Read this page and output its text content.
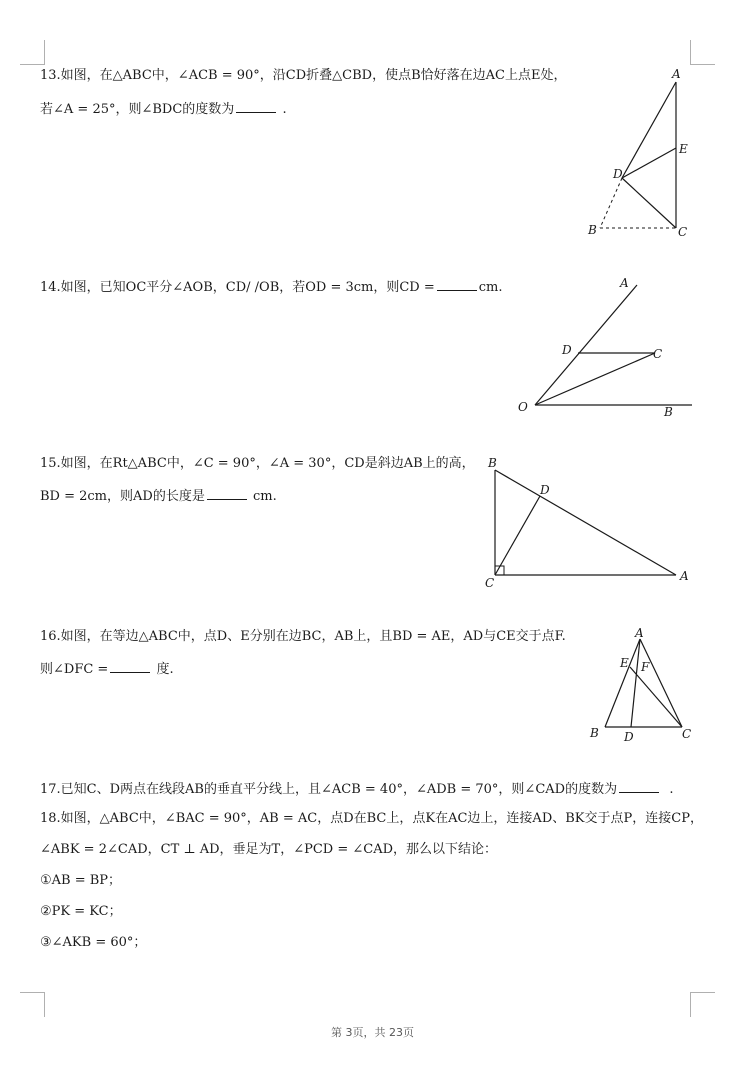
13.如图，在△ABC中，∠ACB = 90°，沿CD折叠△CBD，使点B恰好落在边AC上点E处，
若∠A = 25°，则∠BDC的度数为	.
A
E
D
B	C
14.如图，已知OC平分∠AOB，CD/ /OB，若OD = 3cm，则CD =	cm.	A
D	C
O	B
15.如图，在Rt△ABC中，∠C = 90°，∠A = 30°，CD是斜边AB上的高，
BD = 2cm，则AD的长度是	cm.
B
D
C	A
16.如图，在等边△ABC中，点D、E分别在边BC，AB上，且BD = AE，AD与CE交于点F.
则∠DFC =	度.
A
E F
B D	C
17.已知C、D两点在线段AB的垂直平分线上，且∠ACB = 40°，∠ADB = 70°，则∠CAD的度数为	.
18.如图，△ABC中，∠BAC = 90°，AB = AC，点D在BC上，点K在AC边上，连接AD、BK交于点P，连接CP，
∠ABK = 2∠CAD，CT ⊥ AD，垂足为T，∠PCD = ∠CAD，那么以下结论：
①AB = BP；
②PK = KC；
③∠AKB = 60°；
第 3页，共 23页
